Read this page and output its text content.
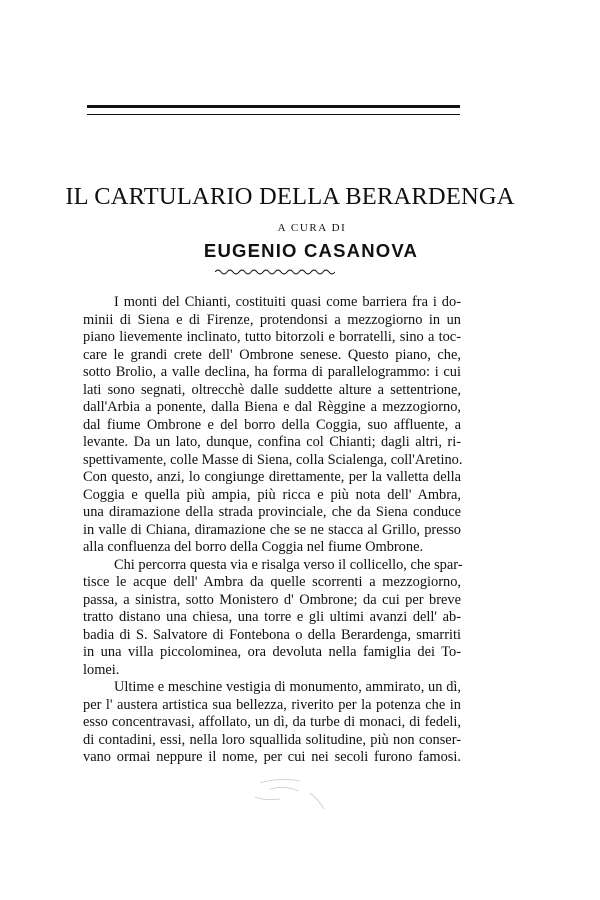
IL CARTULARIO DELLA BERARDENGA
A CURA DI
EUGENIO CASANOVA
I monti del Chianti, costituiti quasi come barriera fra i do-
minii di Siena e di Firenze, protendonsi a mezzogiorno in un
piano lievemente inclinato, tutto bitorzoli e borratelli, sino a toc-
care le grandi crete dell' Ombrone senese. Questo piano, che,
sotto Brolio, a valle declina, ha forma di parallelogrammo: i cui
lati sono segnati, oltrecchè dalle suddette alture a settentrione,
dall'Arbia a ponente, dalla Biena e dal Règgine a mezzogiorno,
dal fiume Ombrone e del borro della Coggia, suo affluente, a
levante. Da un lato, dunque, confina col Chianti; dagli altri, ri-
spettivamente, colle Masse di Siena, colla Scialenga, coll'Aretino.
Con questo, anzi, lo congiunge direttamente, per la valletta della
Coggia e quella più ampia, più ricca e più nota dell' Ambra,
una diramazione della strada provinciale, che da Siena conduce
in valle di Chiana, diramazione che se ne stacca al Grillo, presso
alla confluenza del borro della Coggia nel fiume Ombrone.
Chi percorra questa via e risalga verso il collicello, che spar-
tisce le acque dell' Ambra da quelle scorrenti a mezzogiorno,
passa, a sinistra, sotto Monistero d' Ombrone; da cui per breve
tratto distano una chiesa, una torre e gli ultimi avanzi dell' ab-
badia di S. Salvatore di Fontebona o della Berardenga, smarriti
in una villa piccolominea, ora devoluta nella famiglia dei To-
lomei.
Ultime e meschine vestigia di monumento, ammirato, un dì,
per l' austera artistica sua bellezza, riverito per la potenza che in
esso concentravasi, affollato, un dì, da turbe di monaci, di fedeli,
di contadini, essi, nella loro squallida solitudine, più non conser-
vano ormai neppure il nome, per cui nei secoli furono famosi.
